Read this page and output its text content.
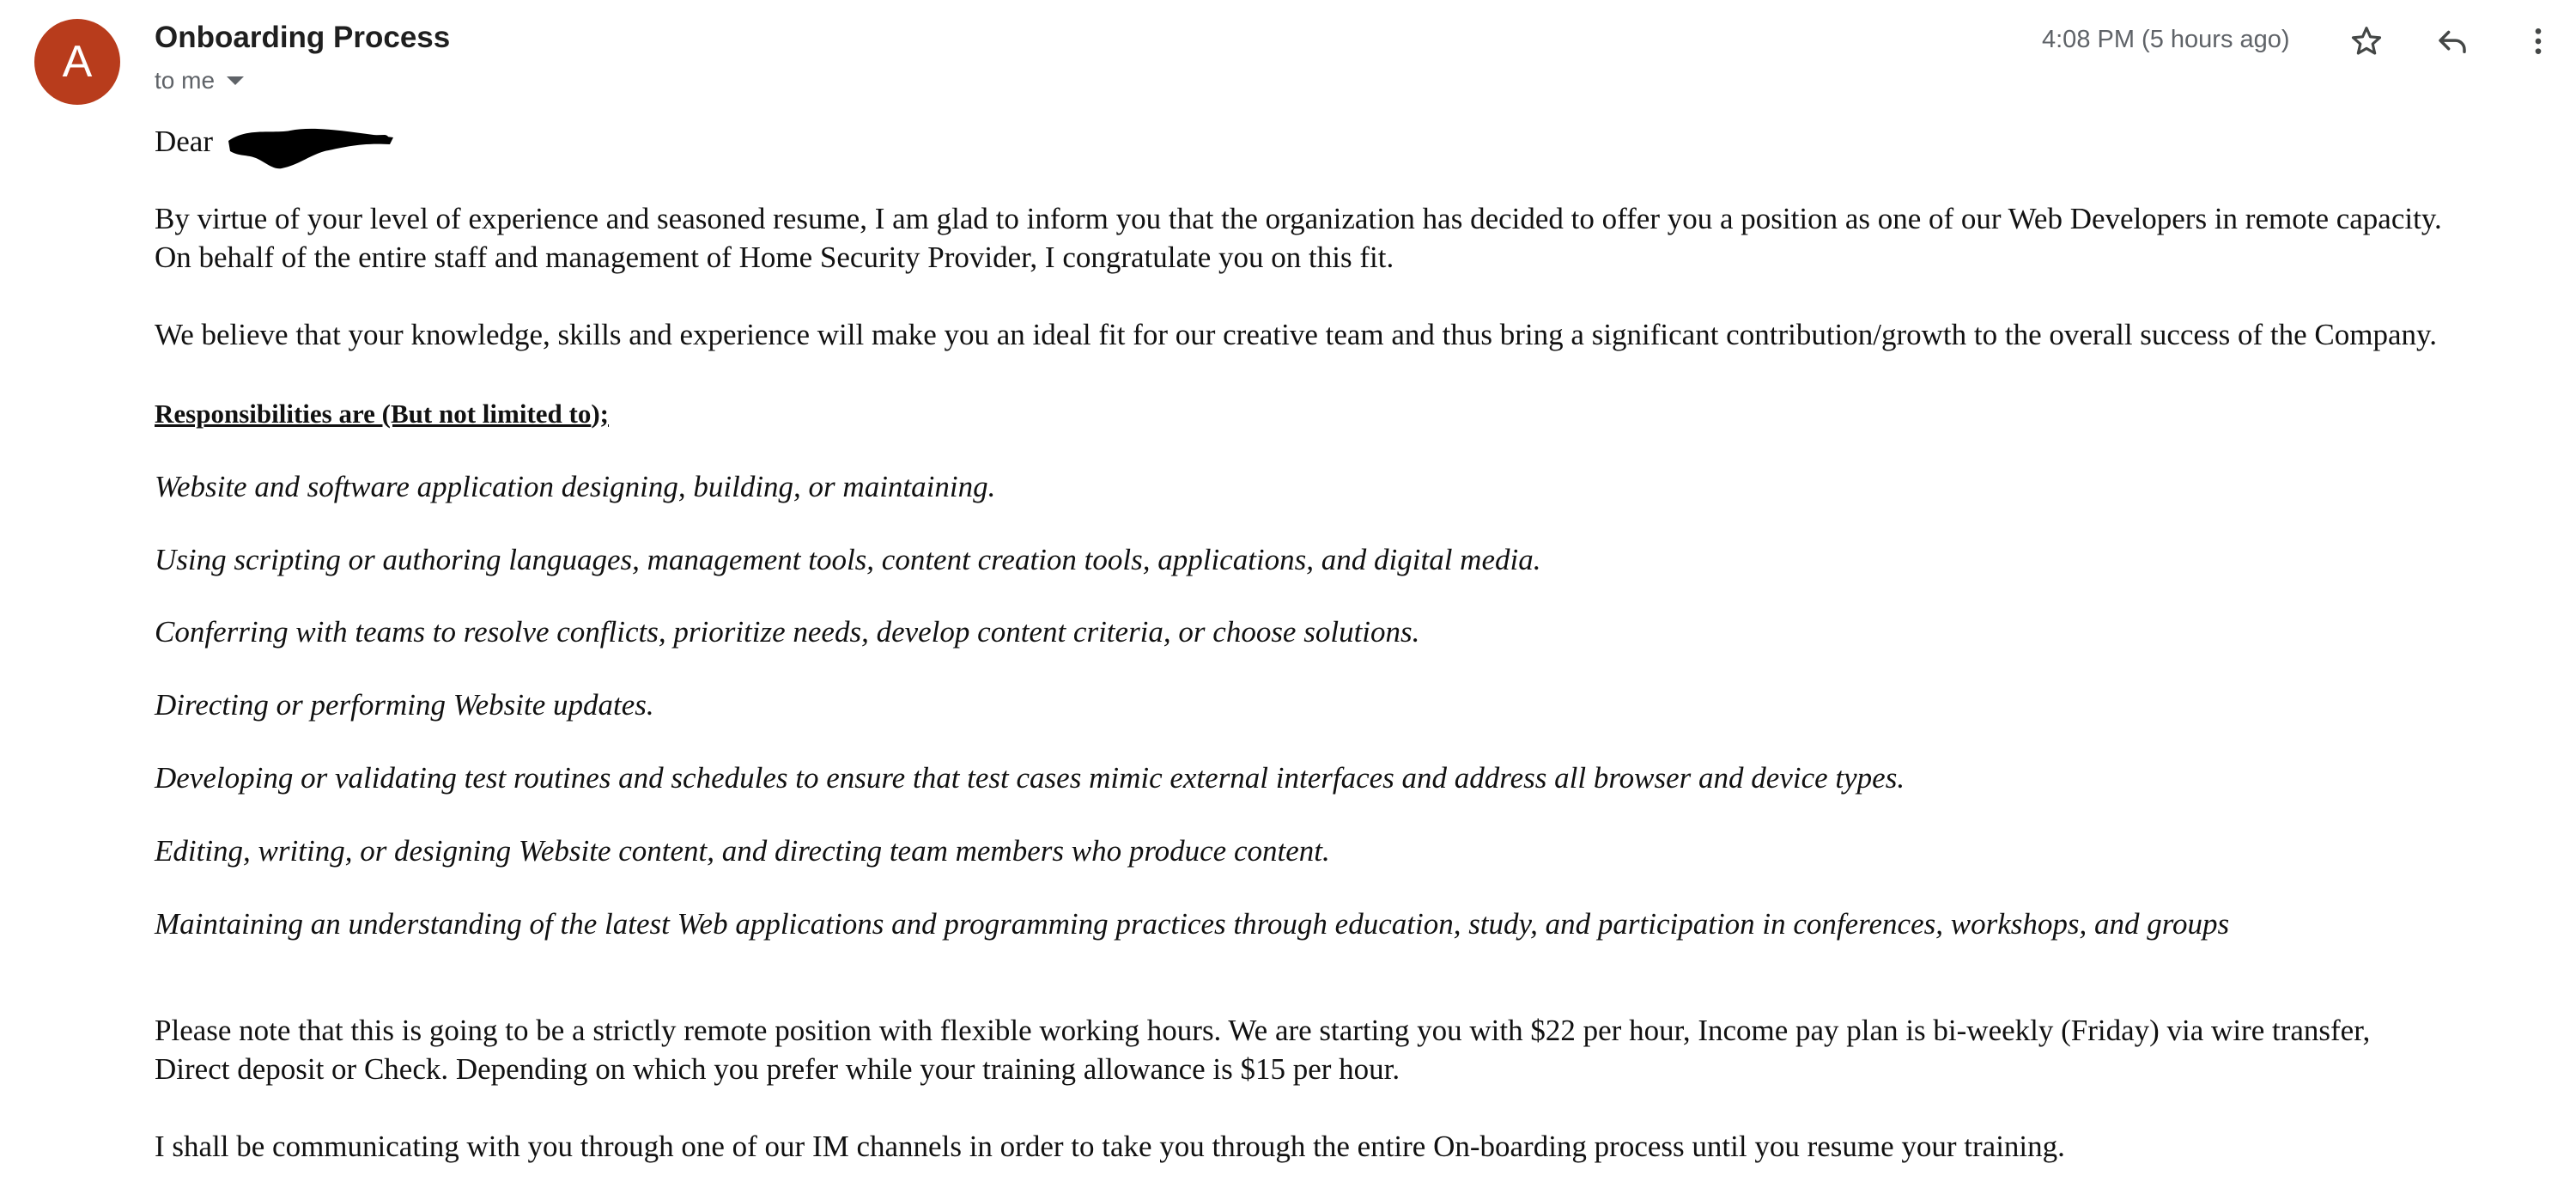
A	Onboarding Process
to me
4:08 PM (5 hours ago)
Dear
By virtue of your level of experience and seasoned resume, I am glad to inform you that the organization has decided to offer you a position as one of our Web Developers in remote capacity.
On behalf of the entire staff and management of Home Security Provider, I congratulate you on this fit.
We believe that your knowledge, skills and experience will make you an ideal fit for our creative team and thus bring a significant contribution/growth to the overall success of the Company.
Responsibilities are (But not limited to);
Website and software application designing, building, or maintaining.
Using scripting or authoring languages, management tools, content creation tools, applications, and digital media.
Conferring with teams to resolve conflicts, prioritize needs, develop content criteria, or choose solutions.
Directing or performing Website updates.
Developing or validating test routines and schedules to ensure that test cases mimic external interfaces and address all browser and device types.
Editing, writing, or designing Website content, and directing team members who produce content.
Maintaining an understanding of the latest Web applications and programming practices through education, study, and participation in conferences, workshops, and groups
Please note that this is going to be a strictly remote position with flexible working hours. We are starting you with $22 per hour, Income pay plan is bi-weekly (Friday) via wire transfer,
Direct deposit or Check. Depending on which you prefer while your training allowance is $15 per hour.
I shall be communicating with you through one of our IM channels in order to take you through the entire On-boarding process until you resume your training.
